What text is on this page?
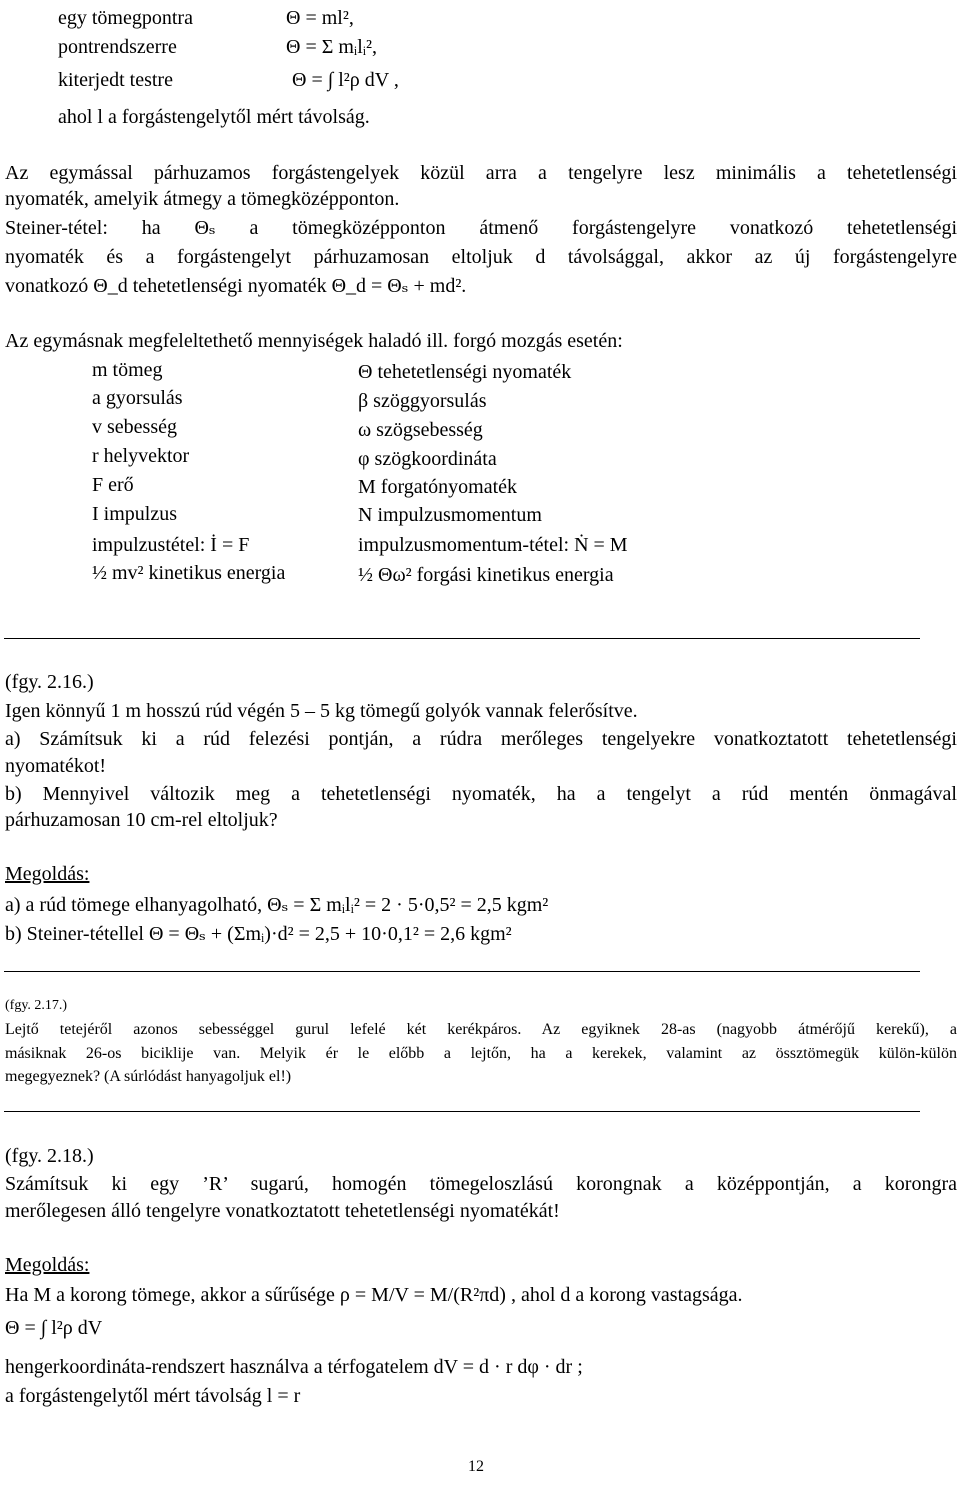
egy tömegpontra	Θ = ml²,
pontrendszerre	Θ = Σ mᵢlᵢ²,
kiterjedt testre	Θ = ∫ l²ρ dV ,
ahol l a forgástengelytől mért távolság.
Az egymással párhuzamos forgástengelyek közül arra a tengelyre lesz minimális a tehetetlenségi
nyomaték, amelyik átmegy a tömegközépponton.
Steiner-tétel: ha Θₛ a tömegközépponton átmenő forgástengelyre vonatkozó tehetetlenségi
nyomaték és a forgástengelyt párhuzamosan eltoljuk d távolsággal, akkor az új forgástengelyre
vonatkozó Θ_d tehetetlenségi nyomaték Θ_d = Θₛ + md².
Az egymásnak megfeleltethető mennyiségek haladó ill. forgó mozgás esetén:
m tömeg	Θ tehetetlenségi nyomaték
a gyorsulás	β szöggyorsulás
v sebesség	ω szögsebesség
r helyvektor	φ szögkoordináta
F erő	M forgatónyomaték
I impulzus	N impulzusmomentum
impulzustétel: İ = F	impulzusmomentum-tétel: Ṅ = M
½ mv² kinetikus energia	½ Θω² forgási kinetikus energia
(fgy. 2.16.)
Igen könnyű 1 m hosszú rúd végén 5 – 5 kg tömegű golyók vannak felerősítve.
a) Számítsuk ki a rúd felezési pontján, a rúdra merőleges tengelyekre vonatkoztatott tehetetlenségi
nyomatékot!
b) Mennyivel változik meg a tehetetlenségi nyomaték, ha a tengelyt a rúd mentén önmagával
párhuzamosan 10 cm-rel eltoljuk?
Megoldás:
a) a rúd tömege elhanyagolható, Θₛ = Σ mᵢlᵢ² = 2 · 5·0,5² = 2,5 kgm²
b) Steiner-tétellel Θ = Θₛ + (Σmᵢ)·d² = 2,5 + 10·0,1² = 2,6 kgm²
(fgy. 2.17.)
Lejtő tetejéről azonos sebességgel gurul lefelé két kerékpáros. Az egyiknek 28-as (nagyobb átmérőjű kerekű), a
másiknak 26-os biciklije van. Melyik ér le előbb a lejtőn, ha a kerekek, valamint az össztömegük külön-külön
megegyeznek? (A súrlódást hanyagoljuk el!)
(fgy. 2.18.)
Számítsuk ki egy ’R’ sugarú, homogén tömegeloszlású korongnak a középpontján, a korongra
merőlegesen álló tengelyre vonatkoztatott tehetetlenségi nyomatékát!
Megoldás:
Ha M a korong tömege, akkor a sűrűsége ρ = M/V = M/(R²πd) , ahol d a korong vastagsága.
Θ = ∫ l²ρ dV
hengerkoordináta-rendszert használva a térfogatelem dV = d · r dφ · dr ;
a forgástengelytől mért távolság l = r
12
